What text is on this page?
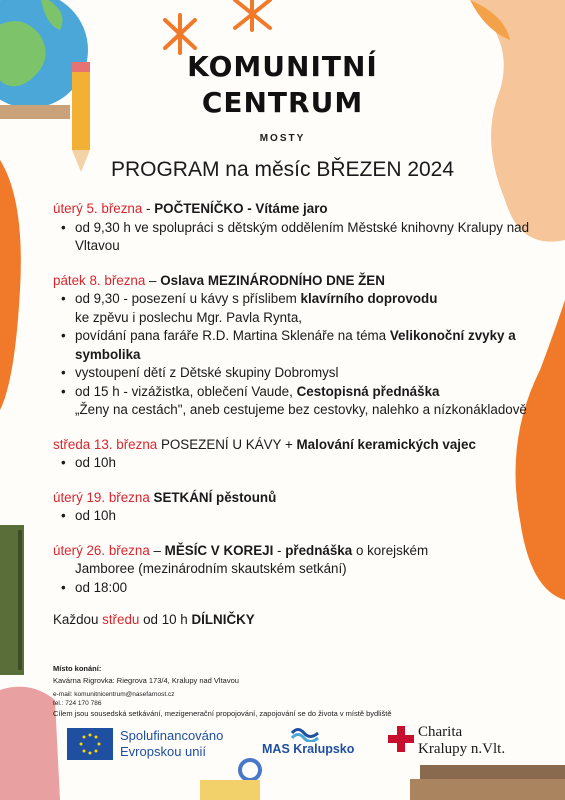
KOMUNITNÍ
CENTRUM
MOSTY
PROGRAM na měsíc BŘEZEN 2024

úterý 5. března - POČTENÍČKO - Vítáme jaro

• od 9,30 h ve spolupráci s dětským oddělením Městské knihovny Kralupy nad Vltavou

pátek 8. března – Oslava MEZINÁRODNÍHO DNE ŽEN

• od 9,30 - posezení u kávy s příslibem klavírního doprovodu
ke zpěvu i poslechu Mgr. Pavla Rynta,
• povídání pana faráře R.D. Martina Sklenáře na téma Velikonoční zvyky a symbolika
• vystoupení dětí z Dětské skupiny Dobromysl
• od 15 h - vizážistka, oblečení Vaude, Cestopisná přednáška
„Ženy na cestách", aneb cestujeme bez cestovky, nalehko a nízkonákladově

středa 13. března POSEZENÍ U KÁVY + Malování keramických vajec

• od 10h

úterý 19. března SETKÁNÍ pěstounů

• od 10h

úterý 26. března – MĚSÍC V KOREJI - přednáška o korejském

Jamboree (mezinárodním skautském setkání)

• od 18:00

Každou středu od 10 h DÍLNIČKY

Místo konání:
Kavárna Rigrovka: Riegrova 173/4, Kralupy nad Vltavou
e-mail: komunitnicentrum@nasefarnost.cz
tel.: 724 170 786
Cílem jsou sousedská setkávání, mezigenerační propojování, zapojování se do života v místě bydliště
Spolufinancováno
Evropskou unií	MAS Kralupsko
Charita
Kralupy n.Vlt.
